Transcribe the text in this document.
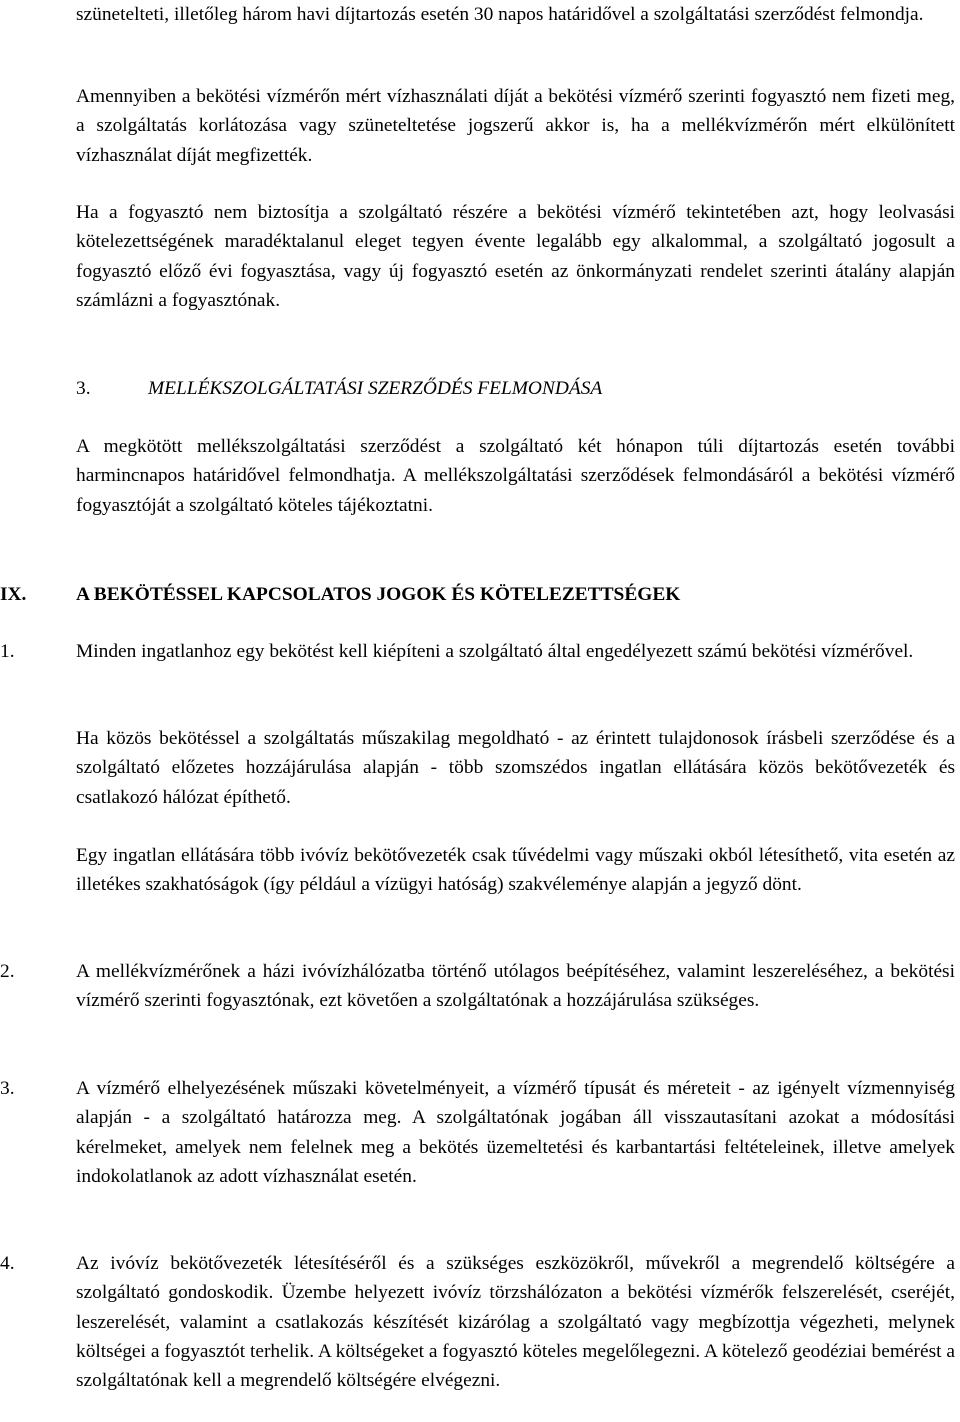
szünetelteti, illetőleg három havi díjtartozás esetén 30 napos határidővel a szolgáltatási szerződést felmondja.

Amennyiben a bekötési vízmérőn mért vízhasználati díját a bekötési vízmérő szerinti fogyasztó nem fizeti meg, a szolgáltatás korlátozása vagy szüneteltetése jogszerű akkor is, ha a mellékvízmérőn mért elkülönített vízhasználat díját megfizették.

Ha a fogyasztó nem biztosítja a szolgáltató részére a bekötési vízmérő tekintetében azt, hogy leolvasási kötelezettségének maradéktalanul eleget tegyen évente legalább egy alkalommal, a szolgáltató jogosult a fogyasztó előző évi fogyasztása, vagy új fogyasztó esetén az önkormányzati rendelet szerinti átalány alapján számlázni a fogyasztónak.

3.	MELLÉKSZOLGÁLTATÁSI SZERZŐDÉS FELMONDÁSA

A megkötött mellékszolgáltatási szerződést a szolgáltató két hónapon túli díjtartozás esetén további harmincnapos határidővel felmondhatja. A mellékszolgáltatási szerződések felmondásáról a bekötési vízmérő fogyasztóját a szolgáltató köteles tájékoztatni.

IX.	A BEKÖTÉSSEL KAPCSOLATOS JOGOK ÉS KÖTELEZETTSÉGEK

1.	Minden ingatlanhoz egy bekötést kell kiépíteni a szolgáltató által engedélyezett számú bekötési vízmérővel.

Ha közös bekötéssel a szolgáltatás műszakilag megoldható - az érintett tulajdonosok írásbeli szerződése és a szolgáltató előzetes hozzájárulása alapján - több szomszédos ingatlan ellátására közös bekötővezeték és csatlakozó hálózat építhető.

Egy ingatlan ellátására több ivóvíz bekötővezeték csak tűvédelmi vagy műszaki okból létesíthető, vita esetén az illetékes szakhatóságok (így például a vízügyi hatóság) szakvéleménye alapján a jegyző dönt.

2.	A mellékvízmérőnek a házi ivóvízhálózatba történő utólagos beépítéséhez, valamint leszereléséhez, a bekötési vízmérő szerinti fogyasztónak, ezt követően a szolgáltatónak a hozzájárulása szükséges.

3.	A vízmérő elhelyezésének műszaki követelményeit, a vízmérő típusát és méreteit - az igényelt vízmennyiség alapján - a szolgáltató határozza meg. A szolgáltatónak jogában áll visszautasítani azokat a módosítási kérelmeket, amelyek nem felelnek meg a bekötés üzemeltetési és karbantartási feltételeinek, illetve amelyek indokolatlanok az adott vízhasználat esetén.

4.	Az ivóvíz bekötővezeték létesítéséről és a szükséges eszközökről, művekről a megrendelő költségére a szolgáltató gondoskodik. Üzembe helyezett ivóvíz törzshálózaton a bekötési vízmérők felszerelését, cseréjét, leszerelését, valamint a csatlakozás készítését kizárólag a szolgáltató vagy megbízottja végezheti, melynek költségei a fogyasztót terhelik. A költségeket a fogyasztó köteles megelőlegezni. A kötelező geodéziai bemérést a szolgáltatónak kell a megrendelő költségére elvégezni.
